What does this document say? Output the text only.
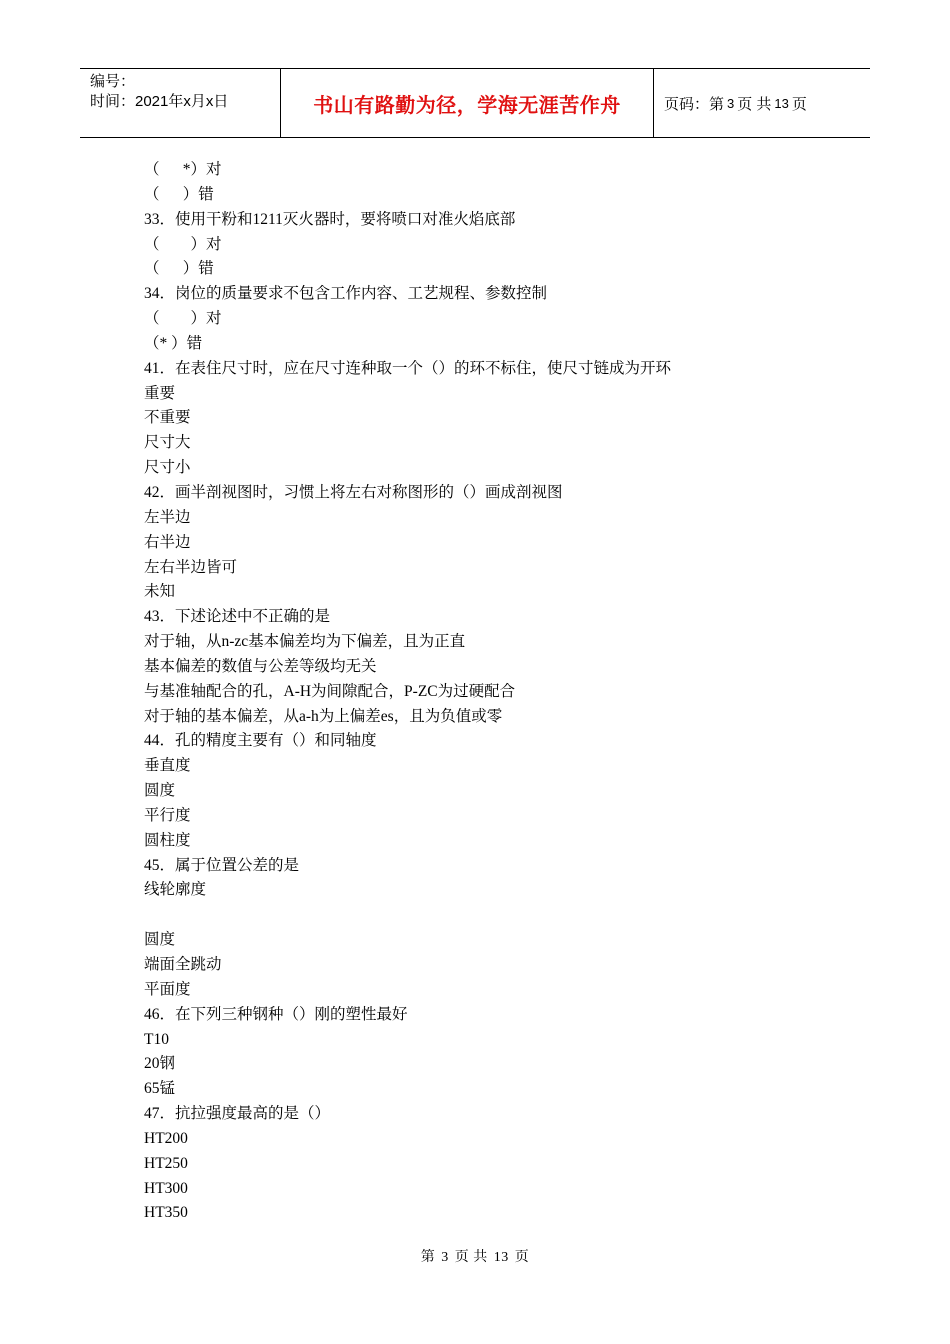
编号：
时间：2021年x月x日	书山有路勤为径，学海无涯苦作舟	页码：第 3 页 共 13 页
（      *）对
（      ）错
33．使用干粉和1211灭火器时，要将喷口对准火焰底部
（        ）对
（      ）错
34．岗位的质量要求不包含工作内容、工艺规程、参数控制
（        ）对
（* ）错
41．在表住尺寸时，应在尺寸连种取一个（）的环不标住，使尺寸链成为开环
重要
不重要
尺寸大
尺寸小
42．画半剖视图时，习惯上将左右对称图形的（）画成剖视图
左半边
右半边
左右半边皆可
未知
43．下述论述中不正确的是
对于轴，从n-zc基本偏差均为下偏差，且为正直
基本偏差的数值与公差等级均无关
与基准轴配合的孔，A-H为间隙配合，P-ZC为过硬配合
对于轴的基本偏差，从a-h为上偏差es，且为负值或零
44．孔的精度主要有（）和同轴度
垂直度
圆度
平行度
圆柱度
45．属于位置公差的是
线轮廓度
圆度
端面全跳动
平面度
46．在下列三种钢种（）刚的塑性最好
T10
20钢
65锰
47．抗拉强度最高的是（）
HT200
HT250
HT300
HT350
第 3 页 共 13 页
